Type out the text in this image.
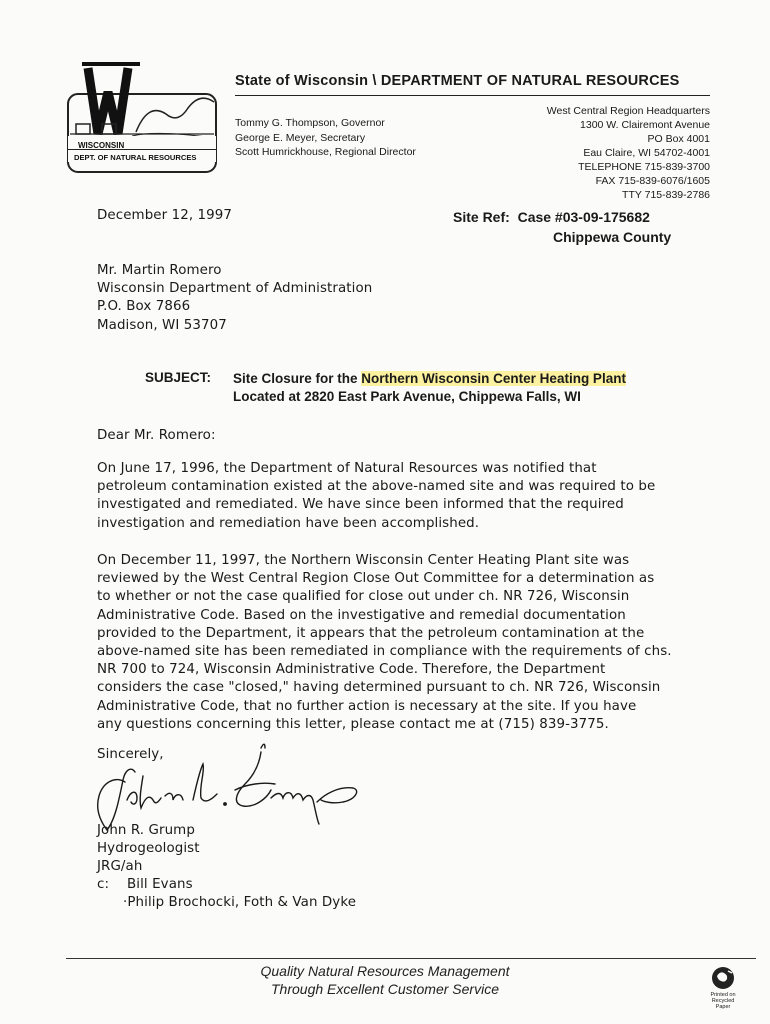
WISCONSIN
DEPT. OF NATURAL RESOURCES
State of Wisconsin \ DEPARTMENT OF NATURAL RESOURCES
Tommy G. Thompson, Governor
George E. Meyer, Secretary
Scott Humrickhouse, Regional Director
West Central Region Headquarters
1300 W. Clairemont Avenue
PO Box 4001
Eau Claire, WI 54702-4001
TELEPHONE 715-839-3700
FAX 715-839-6076/1605
TTY 715-839-2786
December 12, 1997	Site Ref: Case #03-09-175682
Chippewa County
Mr. Martin Romero
Wisconsin Department of Administration
P.O. Box 7866
Madison, WI 53707
SUBJECT: Site Closure for the Northern Wisconsin Center Heating Plant
Located at 2820 East Park Avenue, Chippewa Falls, WI
Dear Mr. Romero:
On June 17, 1996, the Department of Natural Resources was notified that
petroleum contamination existed at the above-named site and was required to be
investigated and remediated. We have since been informed that the required
investigation and remediation have been accomplished.
On December 11, 1997, the Northern Wisconsin Center Heating Plant site was
reviewed by the West Central Region Close Out Committee for a determination as
to whether or not the case qualified for close out under ch. NR 726, Wisconsin
Administrative Code. Based on the investigative and remedial documentation
provided to the Department, it appears that the petroleum contamination at the
above-named site has been remediated in compliance with the requirements of chs.
NR 700 to 724, Wisconsin Administrative Code. Therefore, the Department
considers the case "closed," having determined pursuant to ch. NR 726, Wisconsin
Administrative Code, that no further action is necessary at the site. If you have
any questions concerning this letter, please contact me at (715) 839-3775.
Sincerely,
John R. Grump
Hydrogeologist
JRG/ah
c: Bill Evans
·Philip Brochocki, Foth & Van Dyke
Quality Natural Resources Management
Through Excellent Customer Service	Printed on
Recycled
Paper
